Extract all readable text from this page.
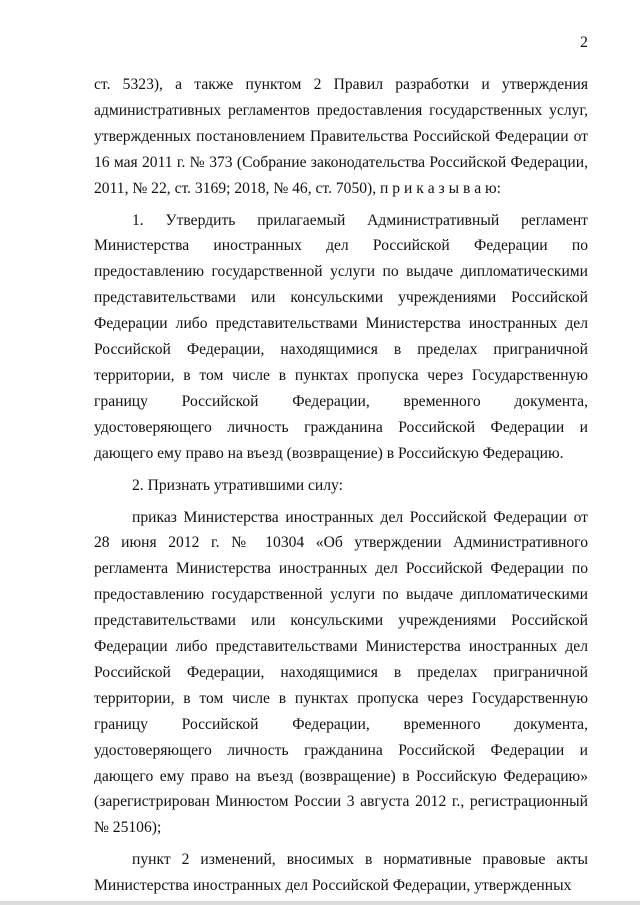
2

ст. 5323), а также пунктом 2 Правил разработки и утверждения административных регламентов предоставления государственных услуг, утвержденных постановлением Правительства Российской Федерации от 16 мая 2011 г. № 373 (Собрание законодательства Российской Федерации, 2011, № 22, ст. 3169; 2018, № 46, ст. 7050), п р и к а з ы в а ю:

1. Утвердить прилагаемый Административный регламент Министерства иностранных дел Российской Федерации по предоставлению государственной услуги по выдаче дипломатическими представительствами или консульскими учреждениями Российской Федерации либо представительствами Министерства иностранных дел Российской Федерации, находящимися в пределах приграничной территории, в том числе в пунктах пропуска через Государственную границу Российской Федерации, временного документа, удостоверяющего личность гражданина Российской Федерации и дающего ему право на въезд (возвращение) в Российскую Федерацию.

2. Признать утратившими силу:

приказ Министерства иностранных дел Российской Федерации от 28 июня 2012 г. № 10304 «Об утверждении Административного регламента Министерства иностранных дел Российской Федерации по предоставлению государственной услуги по выдаче дипломатическими представительствами или консульскими учреждениями Российской Федерации либо представительствами Министерства иностранных дел Российской Федерации, находящимися в пределах приграничной территории, в том числе в пунктах пропуска через Государственную границу Российской Федерации, временного документа, удостоверяющего личность гражданина Российской Федерации и дающего ему право на въезд (возвращение) в Российскую Федерацию» (зарегистрирован Минюстом России 3 августа 2012 г., регистрационный № 25106);

пункт 2 изменений, вносимых в нормативные правовые акты Министерства иностранных дел Российской Федерации, утвержденных
